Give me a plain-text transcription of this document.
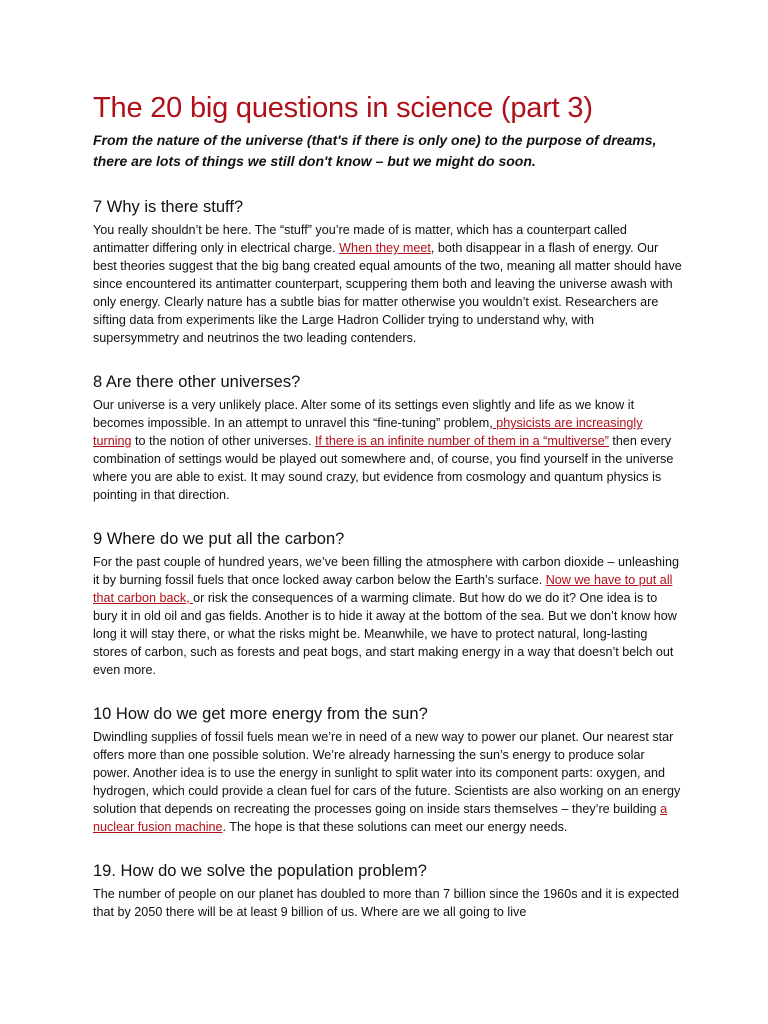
The 20 big questions in science (part 3)
From the nature of the universe (that's if there is only one) to the purpose of dreams, there are lots of things we still don't know – but we might do soon.
7 Why is there stuff?

You really shouldn’t be here. The “stuff” you’re made of is matter, which has a counterpart called antimatter differing only in electrical charge. When they meet, both disappear in a flash of energy. Our best theories suggest that the big bang created equal amounts of the two, meaning all matter should have since encountered its antimatter counterpart, scuppering them both and leaving the universe awash with only energy. Clearly nature has a subtle bias for matter otherwise you wouldn’t exist. Researchers are sifting data from experiments like the Large Hadron Collider trying to understand why, with supersymmetry and neutrinos the two leading contenders.

8 Are there other universes?

Our universe is a very unlikely place. Alter some of its settings even slightly and life as we know it becomes impossible. In an attempt to unravel this “fine-tuning” problem, physicists are increasingly turning to the notion of other universes. If there is an infinite number of them in a “multiverse” then every combination of settings would be played out somewhere and, of course, you find yourself in the universe where you are able to exist. It may sound crazy, but evidence from cosmology and quantum physics is pointing in that direction.

9 Where do we put all the carbon?

For the past couple of hundred years, we’ve been filling the atmosphere with carbon dioxide – unleashing it by burning fossil fuels that once locked away carbon below the Earth’s surface. Now we have to put all that carbon back, or risk the consequences of a warming climate. But how do we do it? One idea is to bury it in old oil and gas fields. Another is to hide it away at the bottom of the sea. But we don’t know how long it will stay there, or what the risks might be. Meanwhile, we have to protect natural, long-lasting stores of carbon, such as forests and peat bogs, and start making energy in a way that doesn’t belch out even more.

10 How do we get more energy from the sun?

Dwindling supplies of fossil fuels mean we’re in need of a new way to power our planet. Our nearest star offers more than one possible solution. We’re already harnessing the sun’s energy to produce solar power. Another idea is to use the energy in sunlight to split water into its component parts: oxygen, and hydrogen, which could provide a clean fuel for cars of the future. Scientists are also working on an energy solution that depends on recreating the processes going on inside stars themselves – they’re building a nuclear fusion machine. The hope is that these solutions can meet our energy needs.

19. How do we solve the population problem?

The number of people on our planet has doubled to more than 7 billion since the 1960s and it is expected that by 2050 there will be at least 9 billion of us. Where are we all going to live
